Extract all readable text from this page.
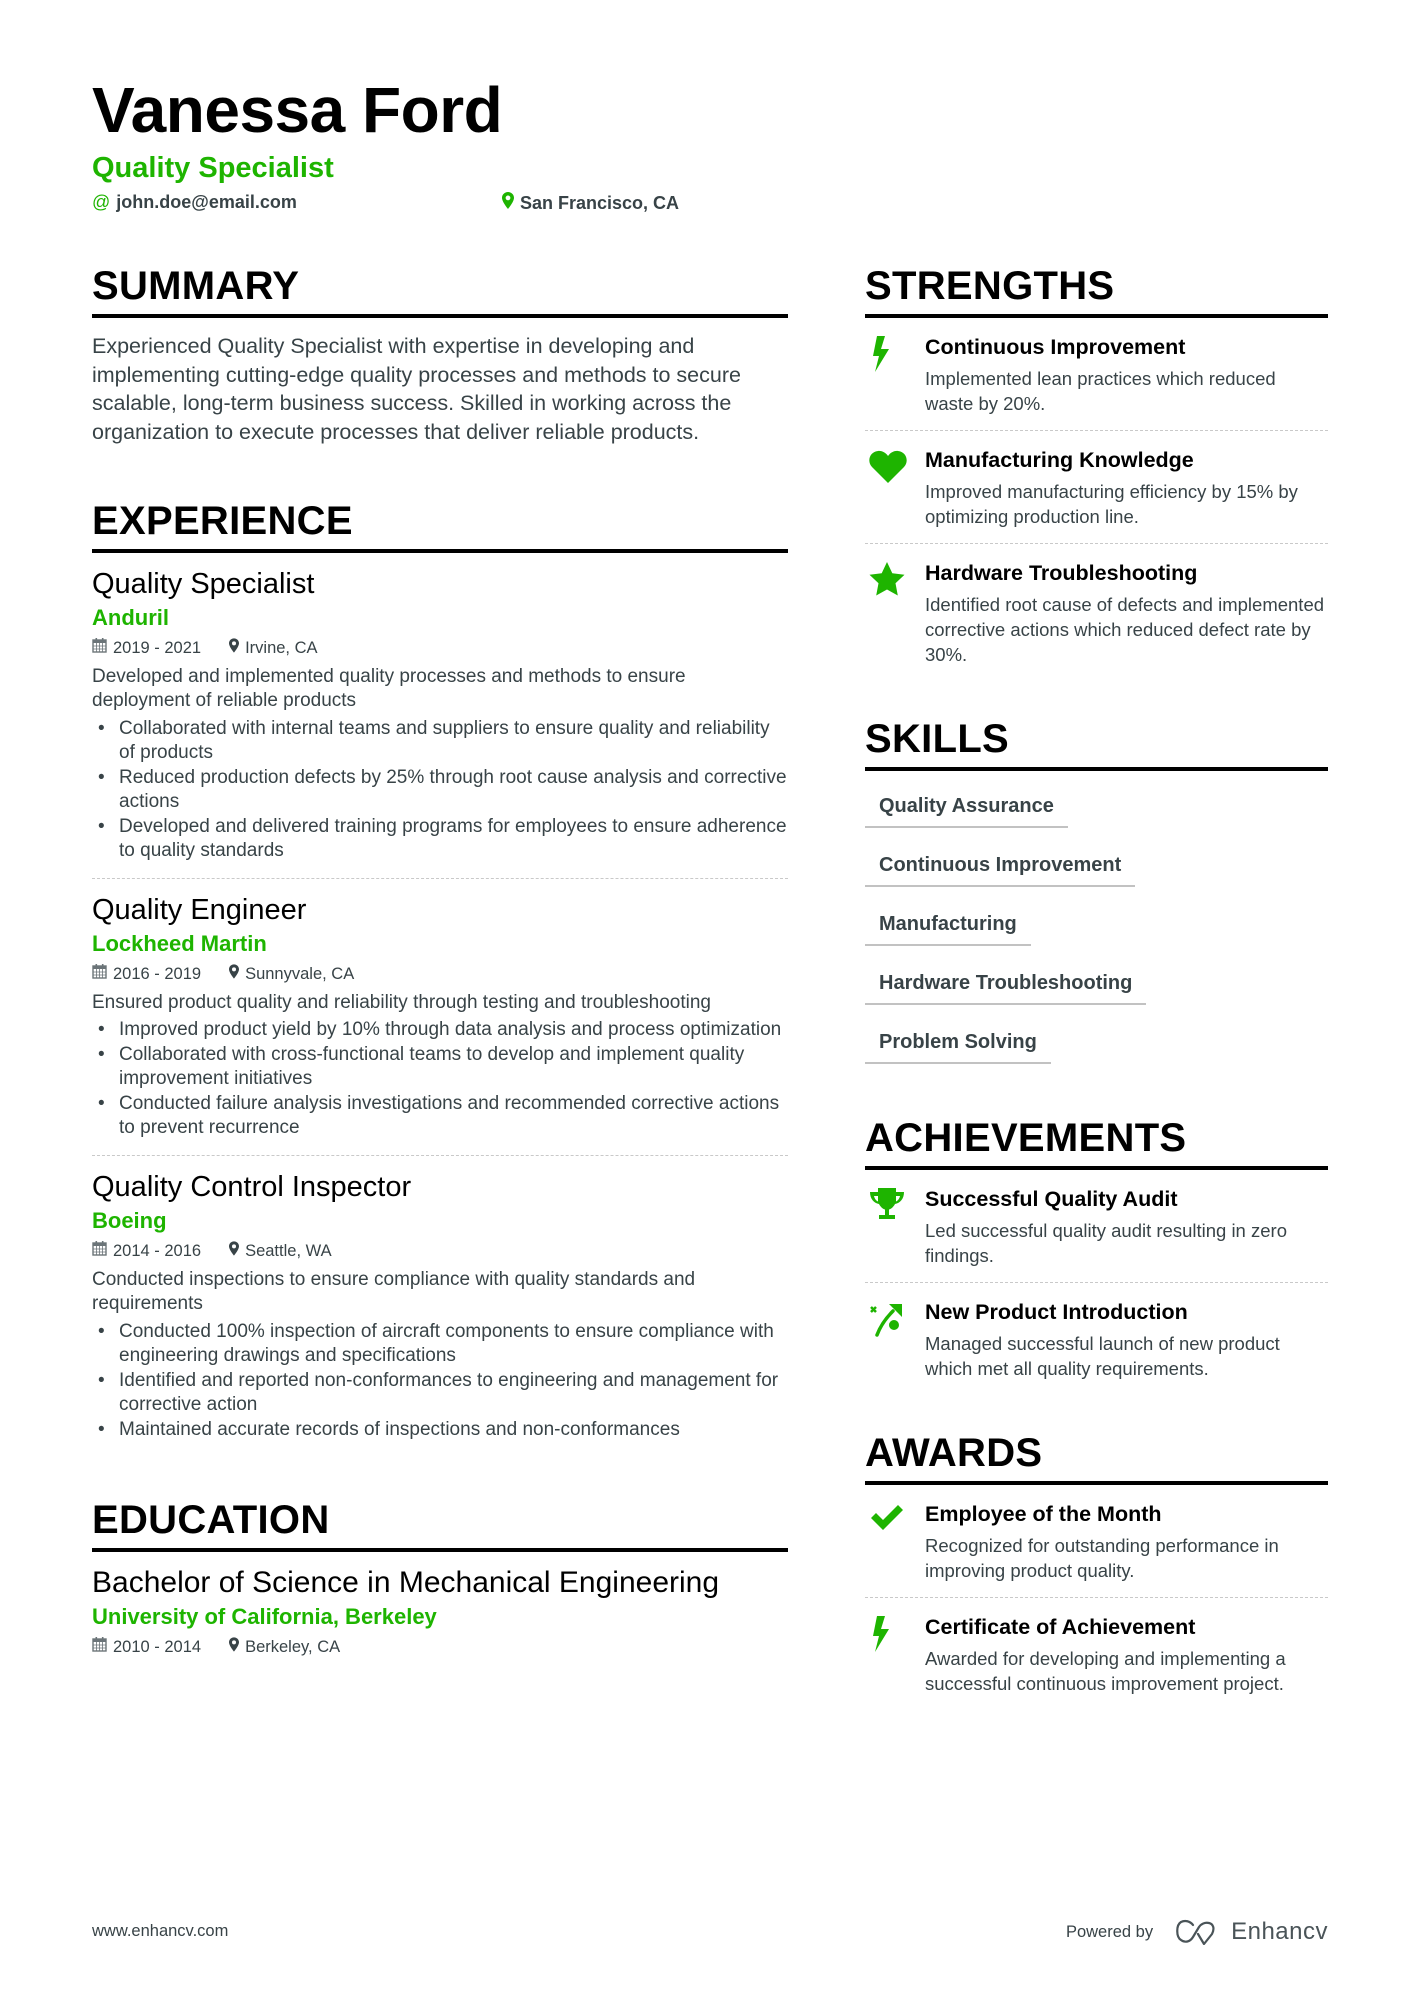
Vanessa Ford
Quality Specialist
@ john.doe@email.com	San Francisco, CA
SUMMARY

Experienced Quality Specialist with expertise in developing and implementing cutting-edge quality processes and methods to secure scalable, long-term business success. Skilled in working across the organization to execute processes that deliver reliable products.

EXPERIENCE
Quality Specialist
Anduril
2019 - 2021	Irvine, CA
Developed and implemented quality processes and methods to ensure deployment of reliable products
• Collaborated with internal teams and suppliers to ensure quality and reliability of products
• Reduced production defects by 25% through root cause analysis and corrective actions
• Developed and delivered training programs for employees to ensure adherence to quality standards
Quality Engineer
Lockheed Martin
2016 - 2019	Sunnyvale, CA
Ensured product quality and reliability through testing and troubleshooting
• Improved product yield by 10% through data analysis and process optimization
• Collaborated with cross-functional teams to develop and implement quality improvement initiatives
• Conducted failure analysis investigations and recommended corrective actions to prevent recurrence
Quality Control Inspector
Boeing
2014 - 2016	Seattle, WA
Conducted inspections to ensure compliance with quality standards and requirements
• Conducted 100% inspection of aircraft components to ensure compliance with engineering drawings and specifications
• Identified and reported non-conformances to engineering and management for corrective action
• Maintained accurate records of inspections and non-conformances
EDUCATION
Bachelor of Science in Mechanical Engineering
University of California, Berkeley
2010 - 2014	Berkeley, CA
STRENGTHS
Continuous Improvement
Implemented lean practices which reduced waste by 20%.
Manufacturing Knowledge
Improved manufacturing efficiency by 15% by optimizing production line.
Hardware Troubleshooting
Identified root cause of defects and implemented corrective actions which reduced defect rate by 30%.
SKILLS
Quality Assurance
Continuous Improvement
Manufacturing
Hardware Troubleshooting
Problem Solving
ACHIEVEMENTS
Successful Quality Audit
Led successful quality audit resulting in zero findings.
New Product Introduction
Managed successful launch of new product which met all quality requirements.
AWARDS
Employee of the Month
Recognized for outstanding performance in improving product quality.
Certificate of Achievement
Awarded for developing and implementing a successful continuous improvement project.
www.enhancv.com	Powered by	Enhancv
